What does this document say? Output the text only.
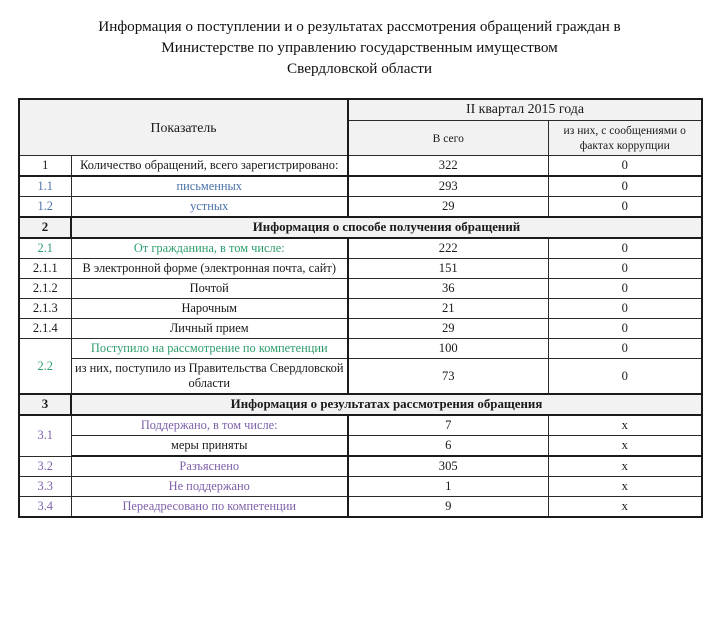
Информация о поступлении и о результатах рассмотрения обращений граждан в
Министерстве по управлению государственным имуществом
Свердловской области
Показатель		II квартал 2015 года	
		В сего	из них, с сообщениями о фактах коррупции
1	Количество обращений, всего зарегистрировано:	322	0
1.1	письменных	293	0
1.2	устных	29	0
2	Информация о способе получения обращений		
2.1	От гражданина, в том числе:	222	0
2.1.1	В электронной форме (электронная почта, сайт)	151	0
2.1.2	Почтой	36	0
2.1.3	Нарочным	21	0
2.1.4	Личный прием	29	0
2.2	Поступило на рассмотрение по компетенции	100	0
	из них, поступило из Правительства Свердловской области	73	0
3	Информация о результатах рассмотрения обращения		
3.1	Поддержано, в том числе:	7	х
	меры приняты	6	х
3.2	Разъяснено	305	х
3.3	Не поддержано	1	х
3.4	Переадресовано по компетенции	9	х
